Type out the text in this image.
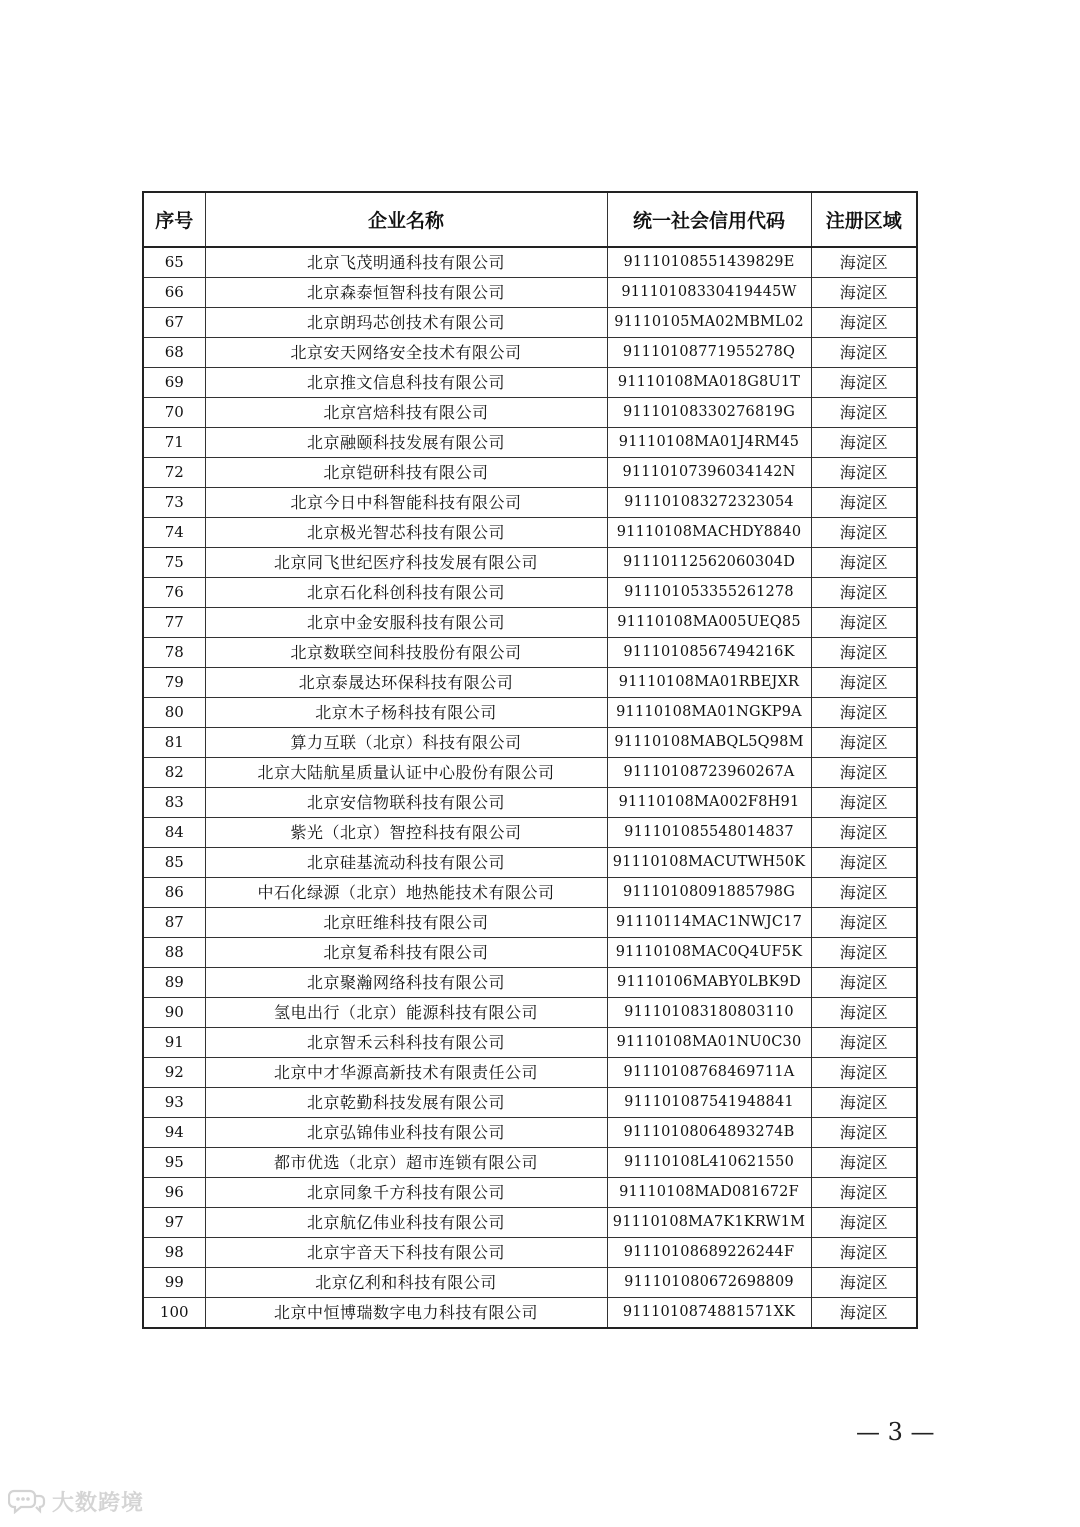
序号	企业名称	统一社会信用代码	注册区域
65	北京飞茂明通科技有限公司	91110108551439829E	海淀区
66	北京森泰恒智科技有限公司	91110108330419445W	海淀区
67	北京朗玛芯创技术有限公司	91110105MA02MBML02	海淀区
68	北京安天网络安全技术有限公司	91110108771955278Q	海淀区
69	北京推文信息科技有限公司	91110108MA018G8U1T	海淀区
70	北京宫焙科技有限公司	91110108330276819G	海淀区
71	北京融颐科技发展有限公司	91110108MA01J4RM45	海淀区
72	北京铠研科技有限公司	91110107396034142N	海淀区
73	北京今日中科智能科技有限公司	911101083272323054	海淀区
74	北京极光智芯科技有限公司	91110108MACHDY8840	海淀区
75	北京同飞世纪医疗科技发展有限公司	91110112562060304D	海淀区
76	北京石化科创科技有限公司	911101053355261278	海淀区
77	北京中金安服科技有限公司	91110108MA005UEQ85	海淀区
78	北京数联空间科技股份有限公司	91110108567494216K	海淀区
79	北京泰晟达环保科技有限公司	91110108MA01RBEJXR	海淀区
80	北京木子杨科技有限公司	91110108MA01NGKP9A	海淀区
81	算力互联（北京）科技有限公司	91110108MABQL5Q98M	海淀区
82	北京大陆航星质量认证中心股份有限公司	91110108723960267A	海淀区
83	北京安信物联科技有限公司	91110108MA002F8H91	海淀区
84	紫光（北京）智控科技有限公司	911101085548014837	海淀区
85	北京硅基流动科技有限公司	91110108MACUTWH50K	海淀区
86	中石化绿源（北京）地热能技术有限公司	91110108091885798G	海淀区
87	北京旺维科技有限公司	91110114MAC1NWJC17	海淀区
88	北京复希科技有限公司	91110108MAC0Q4UF5K	海淀区
89	北京聚瀚网络科技有限公司	91110106MABY0LBK9D	海淀区
90	氢电出行（北京）能源科技有限公司	911101083180803110	海淀区
91	北京智禾云科科技有限公司	91110108MA01NU0C30	海淀区
92	北京中才华源高新技术有限责任公司	91110108768469711A	海淀区
93	北京乾勤科技发展有限公司	911101087541948841	海淀区
94	北京弘锦伟业科技有限公司	91110108064893274B	海淀区
95	都市优选（北京）超市连锁有限公司	91110108L410621550	海淀区
96	北京同象千方科技有限公司	91110108MAD081672F	海淀区
97	北京航亿伟业科技有限公司	91110108MA7K1KRW1M	海淀区
98	北京宇音天下科技有限公司	91110108689226244F	海淀区
99	北京亿利和科技有限公司	911101080672698809	海淀区
100	北京中恒博瑞数字电力科技有限公司	9111010874881571XK	海淀区
— 3 —
大数跨境
